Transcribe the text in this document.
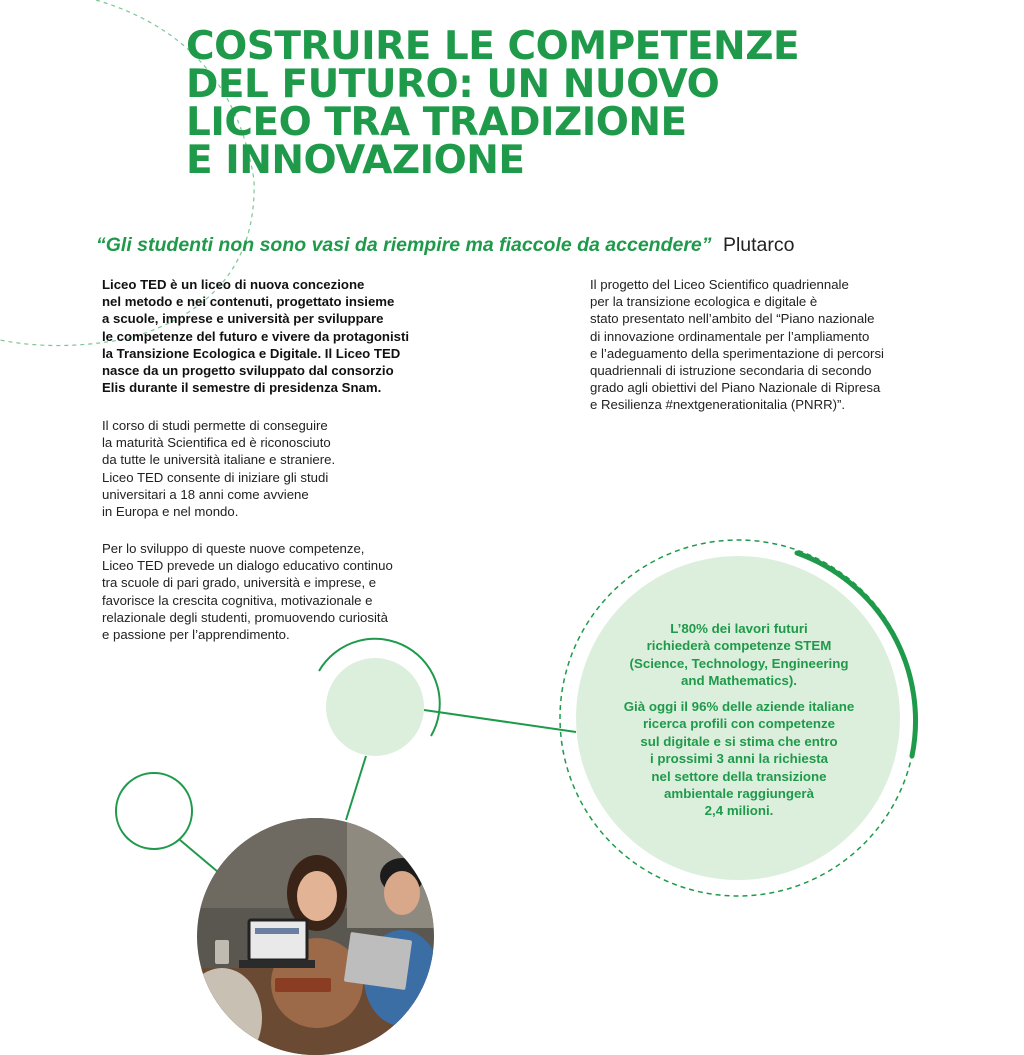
COSTRUIRE LE COMPETENZE
DEL FUTURO: UN NUOVO
LICEO TRA TRADIZIONE
E INNOVAZIONE

“Gli studenti non sono vasi da riempire ma fiaccole da accendere” Plutarco

Liceo TED è un liceo di nuova concezione
nel metodo e nei contenuti, progettato insieme
a scuole, imprese e università per sviluppare
le competenze del futuro e vivere da protagonisti
la Transizione Ecologica e Digitale. Il Liceo TED
nasce da un progetto sviluppato dal consorzio
Elis durante il semestre di presidenza Snam.

Il corso di studi permette di conseguire
la maturità Scientifica ed è riconosciuto
da tutte le università italiane e straniere.
Liceo TED consente di iniziare gli studi
universitari a 18 anni come avviene
in Europa e nel mondo.

Per lo sviluppo di queste nuove competenze,
Liceo TED prevede un dialogo educativo continuo
tra scuole di pari grado, università e imprese, e
favorisce la crescita cognitiva, motivazionale e
relazionale degli studenti, promuovendo curiosità
e passione per l’apprendimento.

Il progetto del Liceo Scientifico quadriennale
per la transizione ecologica e digitale è
stato presentato nell’ambito del “Piano nazionale
di innovazione ordinamentale per l’ampliamento
e l’adeguamento della sperimentazione di percorsi
quadriennali di istruzione secondaria di secondo
grado agli obiettivi del Piano Nazionale di Ripresa
e Resilienza #nextgenerationitalia (PNRR)”.

L’80% dei lavori futuri
richiederà competenze STEM
(Science, Technology, Engineering
and Mathematics).

Già oggi il 96% delle aziende italiane
ricerca profili con competenze
sul digitale e si stima che entro
i prossimi 3 anni la richiesta
nel settore della transizione
ambientale raggiungerà
2,4 milioni.
